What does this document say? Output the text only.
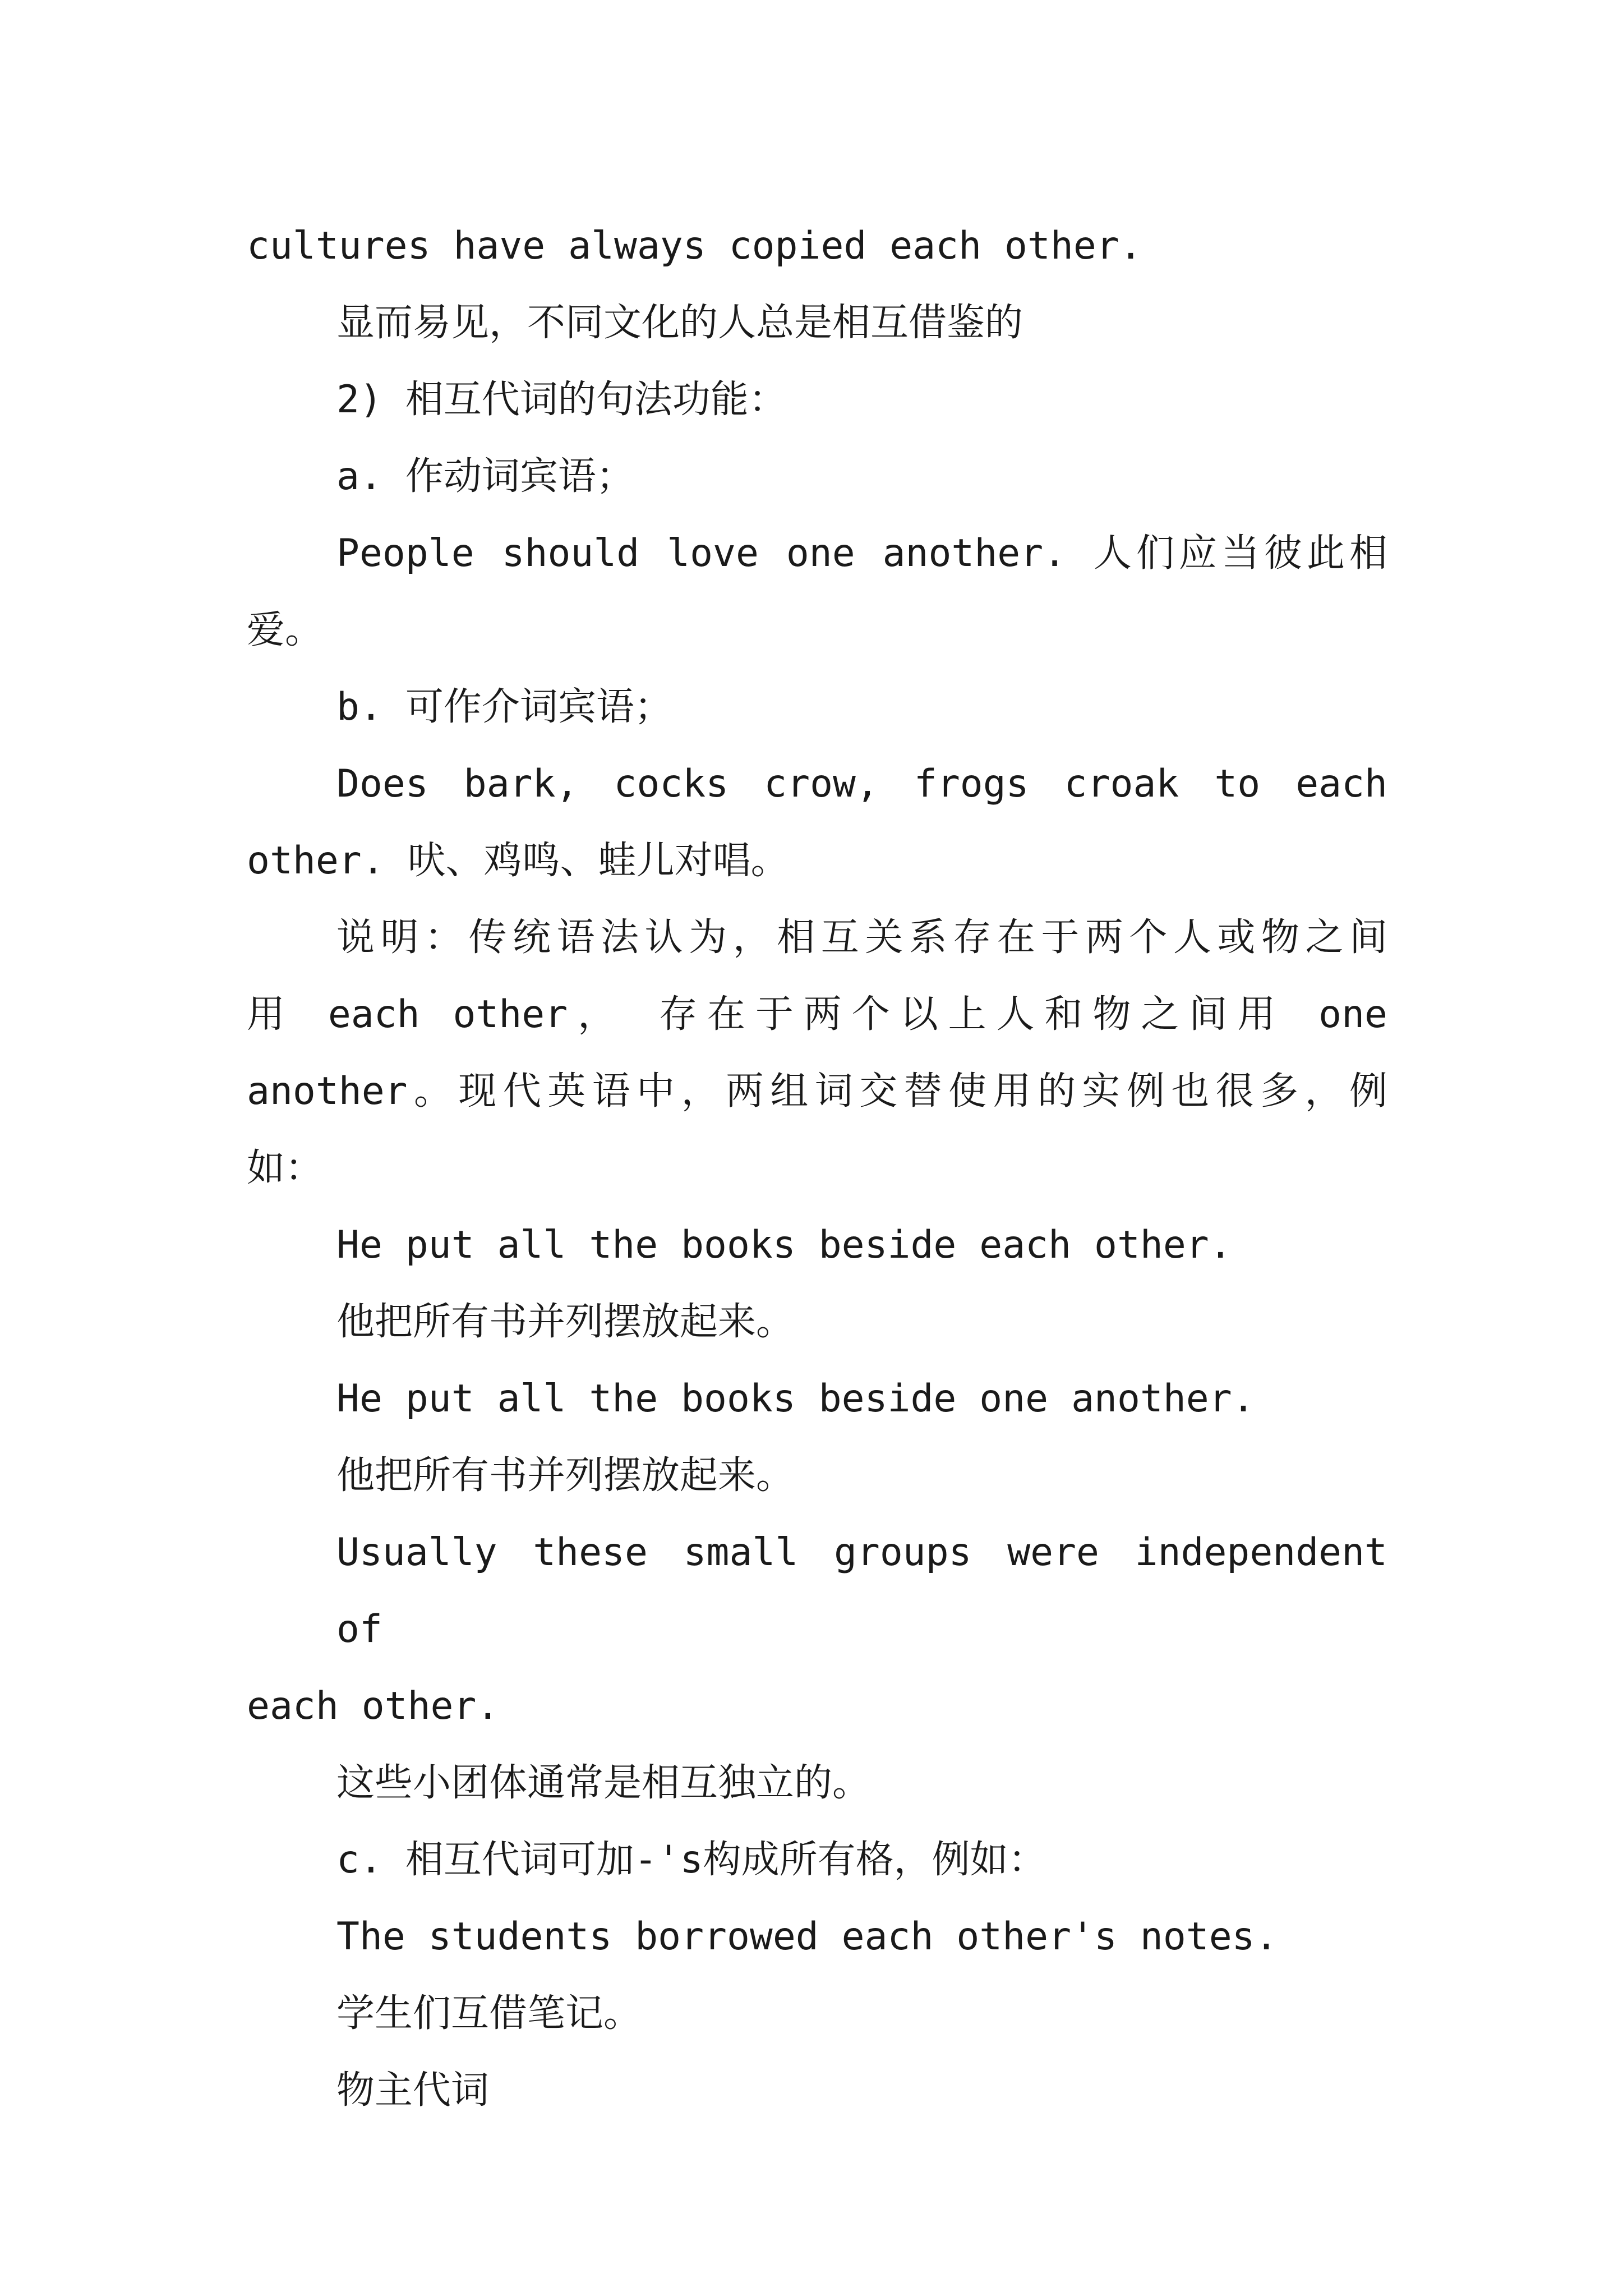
cultures have always copied each other.
显而易见，不同文化的人总是相互借鉴的
2) 相互代词的句法功能：
a. 作动词宾语；
People should love one another. 人们应当彼此相
爱。
b. 可作介词宾语；
Does bark, cocks crow, frogs croak to each
other. 吠、鸡鸣、蛙儿对唱。
说明：传统语法认为，相互关系存在于两个人或物之间
用 each other， 存在于两个以上人和物之间用 one
another。现代英语中，两组词交替使用的实例也很多，例
如：
He put all the books beside each other.
他把所有书并列摆放起来。
He put all the books beside one another.
他把所有书并列摆放起来。
Usually these small groups were independent of
each other.
这些小团体通常是相互独立的。
c. 相互代词可加-'s构成所有格，例如：
The students borrowed each other's notes.
学生们互借笔记。
物主代词
